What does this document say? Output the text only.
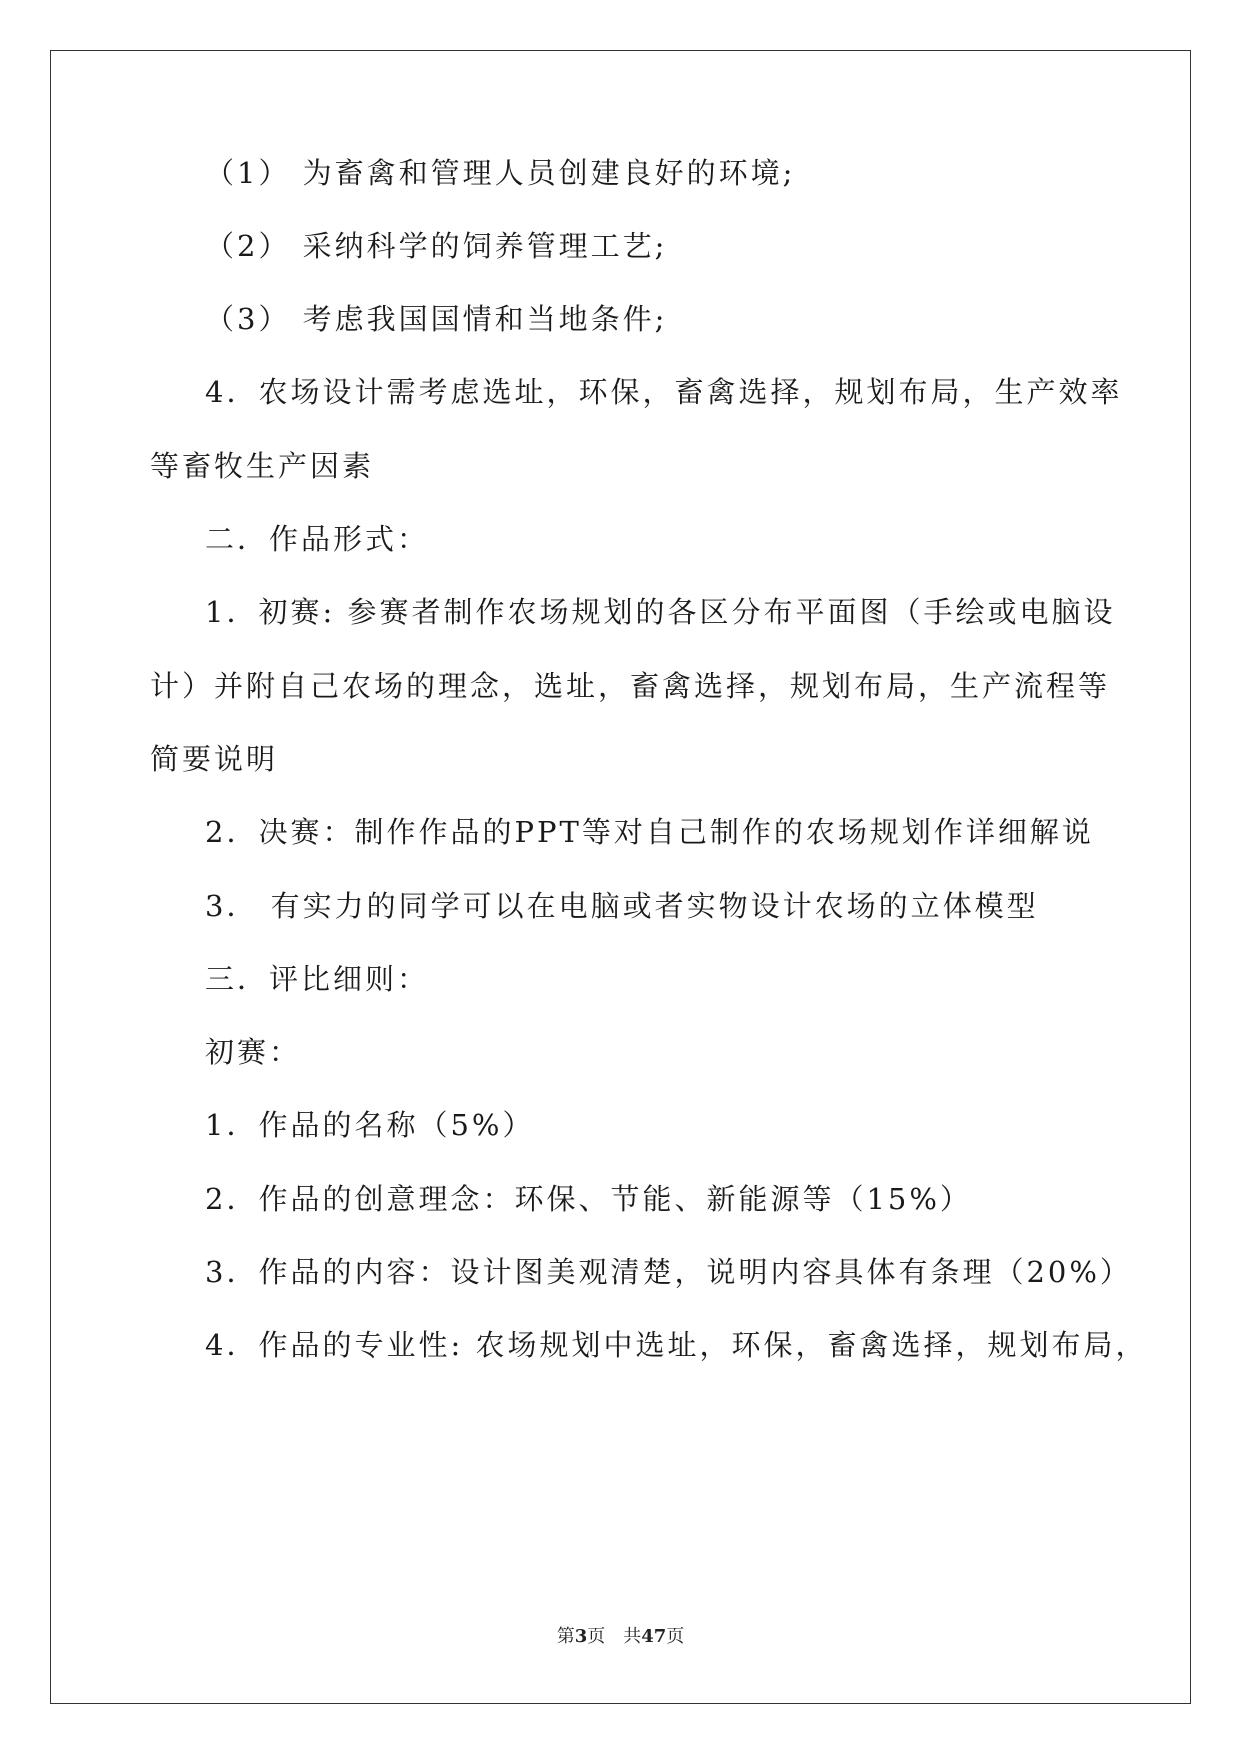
（1） 为畜禽和管理人员创建良好的环境;
（2） 采纳科学的饲养管理工艺;
（3） 考虑我国国情和当地条件;
4．农场设计需考虑选址，环保，畜禽选择，规划布局，生产效率
等畜牧生产因素
二．作品形式：
1．初赛: 参赛者制作农场规划的各区分布平面图（手绘或电脑设
计）并附自己农场的理念，选址，畜禽选择，规划布局，生产流程等
简要说明
2．决赛：制作作品的PPT等对自己制作的农场规划作详细解说
3． 有实力的同学可以在电脑或者实物设计农场的立体模型
三．评比细则：
初赛：
1．作品的名称（5%）
2．作品的创意理念：环保、节能、新能源等（15%）
3．作品的内容：设计图美观清楚，说明内容具体有条理（20%）
4．作品的专业性: 农场规划中选址，环保，畜禽选择，规划布局，
第3页　共47页
